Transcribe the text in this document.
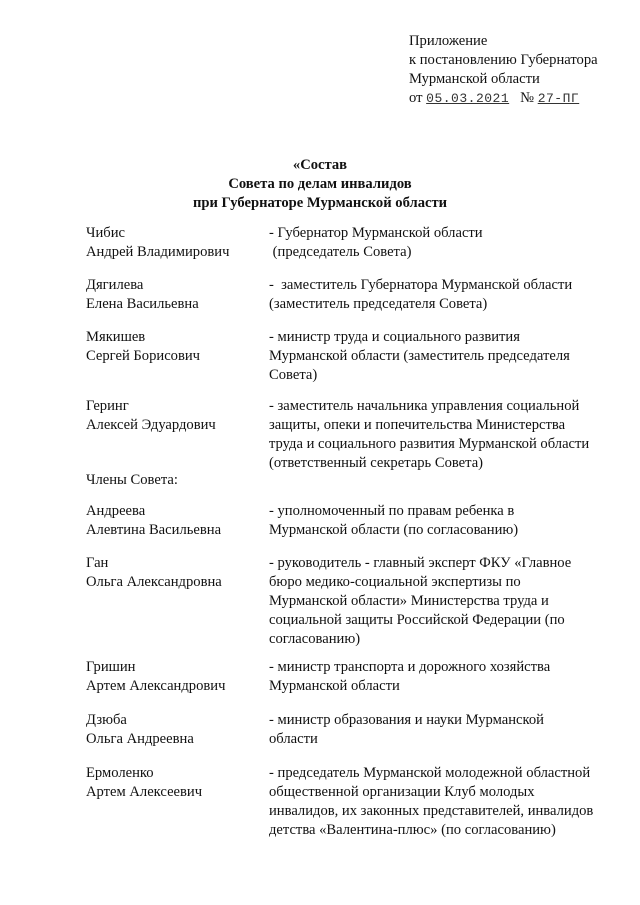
Приложение
к постановлению Губернатора
Мурманской области
от 05.03.2021 № 27-ПГ
«Состав
Совета по делам инвалидов
при Губернаторе Мурманской области
Члены Совета:
Чибис
Андрей Владимирович
- Губернатор Мурманской области
(председатель Совета)
Дягилева
Елена Васильевна
-  заместитель Губернатора Мурманской области
(заместитель председателя Совета)
Мякишев
Сергей Борисович
- министр труда и социального развития
Мурманской области (заместитель председателя
Совета)
Геринг
Алексей Эдуардович
- заместитель начальника управления социальной
защиты, опеки и попечительства Министерства
труда и социального развития Мурманской области
(ответственный секретарь Совета)
Андреева
Алевтина Васильевна
- уполномоченный по правам ребенка в
Мурманской области (по согласованию)
Ган
Ольга Александровна
- руководитель - главный эксперт ФКУ «Главное
бюро медико-социальной экспертизы по
Мурманской области» Министерства труда и
социальной защиты Российской Федерации (по
согласованию)
Гришин
Артем Александрович
- министр транспорта и дорожного хозяйства
Мурманской области
Дзюба
Ольга Андреевна
- министр образования и науки Мурманской
области
Ермоленко
Артем Алексеевич
- председатель Мурманской молодежной областной
общественной организации Клуб молодых
инвалидов, их законных представителей, инвалидов
детства «Валентина-плюс» (по согласованию)
